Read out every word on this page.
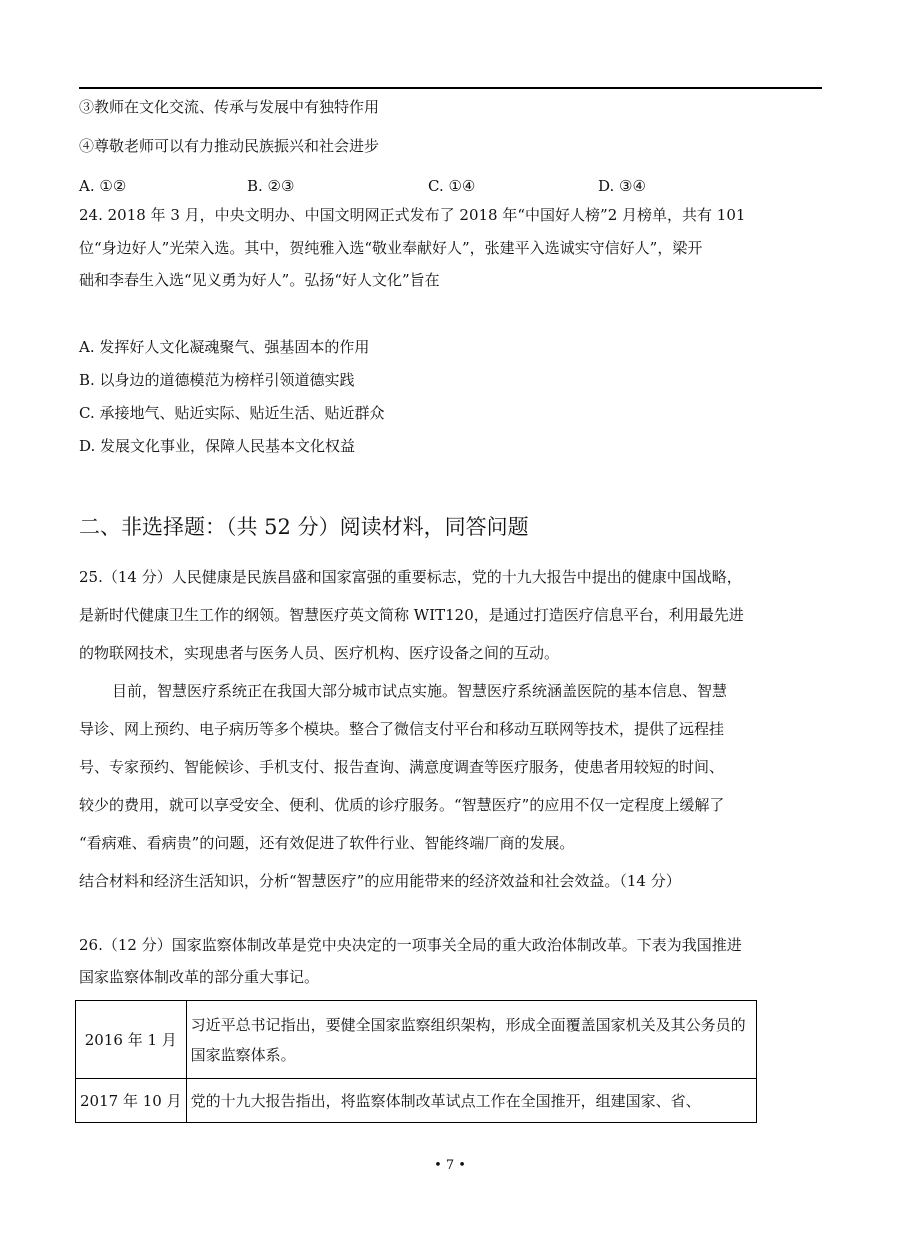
③教师在文化交流、传承与发展中有独特作用
④尊敬老师可以有力推动民族振兴和社会进步
A. ①②	B. ②③	C. ①④	D. ③④
24. 2018 年 3 月，中央文明办、中国文明网正式发布了 2018 年“中国好人榜”2 月榜单，共有 101
位“身边好人”光荣入选。其中，贺纯雅入选“敬业奉献好人”，张建平入选诚实守信好人”，梁开
础和李春生入选“见义勇为好人”。弘扬“好人文化”旨在
A. 发挥好人文化凝魂聚气、强基固本的作用
B. 以身边的道德模范为榜样引领道德实践
C. 承接地气、贴近实际、贴近生活、贴近群众
D. 发展文化事业，保障人民基本文化权益
二、非选择题：（共 52 分）阅读材料，同答问题
25.（14 分）人民健康是民族昌盛和国家富强的重要标志，党的十九大报告中提出的健康中国战略，
是新时代健康卫生工作的纲领。智慧医疗英文简称 WIT120，是通过打造医疗信息平台，利用最先进
的物联网技术，实现患者与医务人员、医疗机构、医疗设备之间的互动。
目前，智慧医疗系统正在我国大部分城市试点实施。智慧医疗系统涵盖医院的基本信息、智慧
导诊、网上预约、电子病历等多个模块。整合了微信支付平台和移动互联网等技术，提供了远程挂
号、专家预约、智能候诊、手机支付、报告查询、满意度调查等医疗服务，使患者用较短的时间、
较少的费用，就可以享受安全、便利、优质的诊疗服务。“智慧医疗”的应用不仅一定程度上缓解了
“看病难、看病贵”的问题，还有效促进了软件行业、智能终端厂商的发展。
结合材料和经济生活知识，分析“智慧医疗”的应用能带来的经济效益和社会效益。（14 分）
26.（12 分）国家监察体制改革是党中央决定的一项事关全局的重大政治体制改革。下表为我国推进
国家监察体制改革的部分重大事记。
2016 年 1 月	习近平总书记指出，要健全国家监察组织架构，形成全面覆盖国家机关及其公务员的国家监察体系。
2017 年 10 月	党的十九大报告指出，将监察体制改革试点工作在全国推开，组建国家、省、
• 7 •
